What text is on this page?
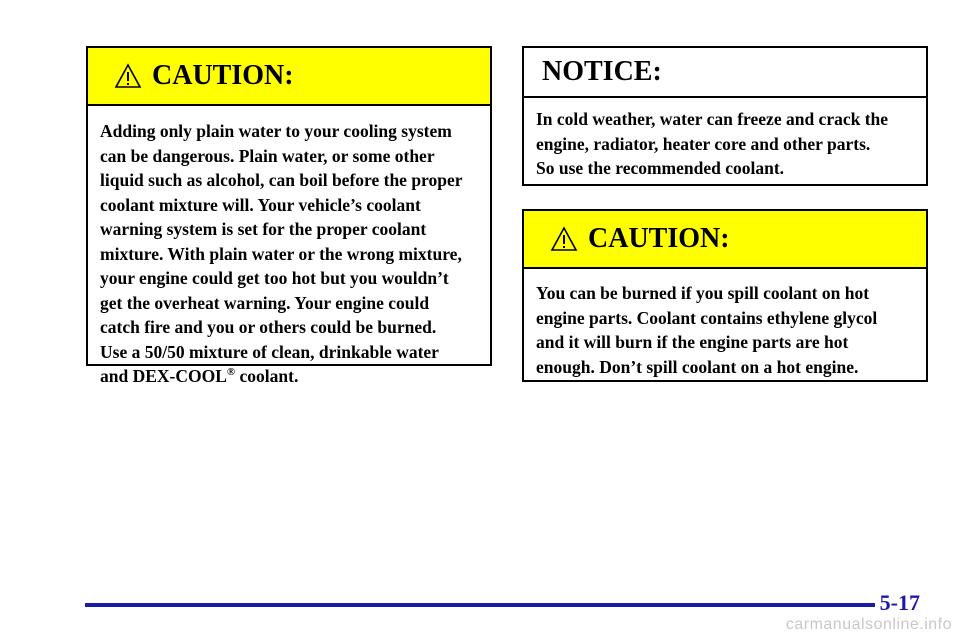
CAUTION:

Adding only plain water to your cooling system

can be dangerous. Plain water, or some other

liquid such as alcohol, can boil before the proper

coolant mixture will. Your vehicle’s coolant

warning system is set for the proper coolant

mixture. With plain water or the wrong mixture,

your engine could get too hot but you wouldn’t

get the overheat warning. Your engine could

catch fire and you or others could be burned.

Use a 50/50 mixture of clean, drinkable water

and DEX-COOL® coolant.

NOTICE:

In cold weather, water can freeze and crack the

engine, radiator, heater core and other parts.

So use the recommended coolant.

CAUTION:

You can be burned if you spill coolant on hot

engine parts. Coolant contains ethylene glycol

and it will burn if the engine parts are hot

enough. Don’t spill coolant on a hot engine.

5-17
carmanualsonline.info
